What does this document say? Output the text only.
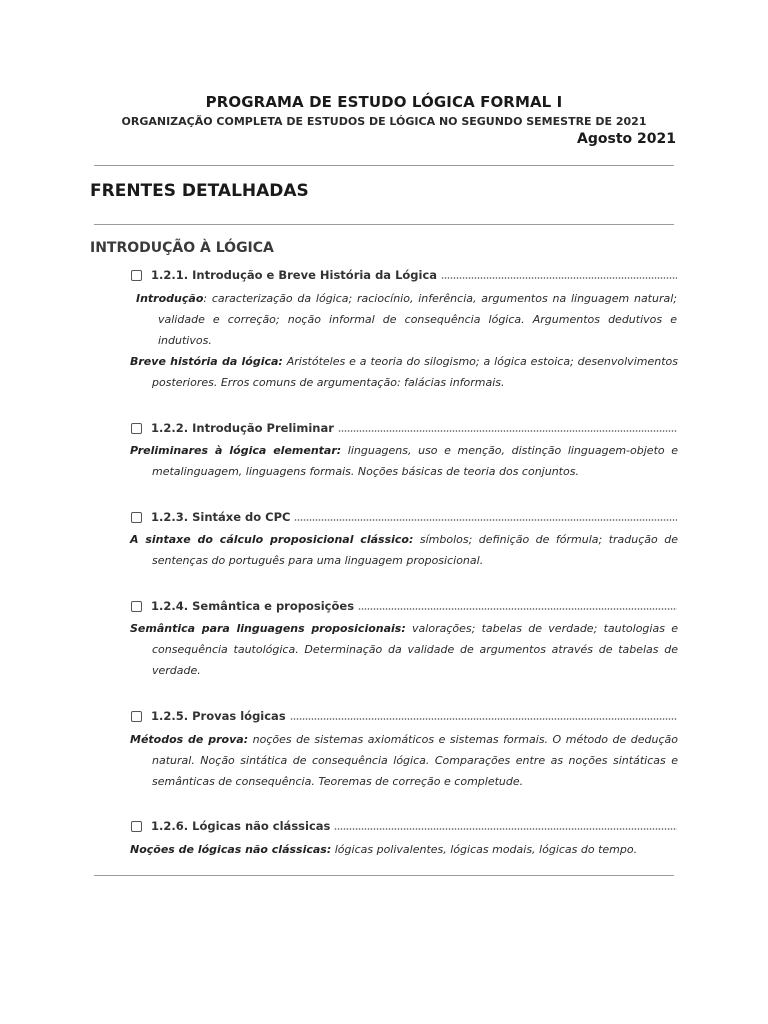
PROGRAMA DE ESTUDO LÓGICA FORMAL I
ORGANIZAÇÃO COMPLETA DE ESTUDOS DE LÓGICA NO SEGUNDO SEMESTRE DE 2021
Agosto 2021
FRENTES DETALHADAS
INTRODUÇÃO À LÓGICA
1.2.1. Introdução e Breve História da Lógica
Introdução: caracterização da lógica; raciocínio, inferência, argumentos na linguagem natural; validade e correção; noção informal de consequência lógica. Argumentos dedutivos e indutivos.
Breve história da lógica: Aristóteles e a teoria do silogismo; a lógica estoica; desenvolvimentos posteriores. Erros comuns de argumentação: falácias informais.
1.2.2. Introdução Preliminar
Preliminares à lógica elementar: linguagens, uso e menção, distinção linguagem-objeto e metalinguagem, linguagens formais. Noções básicas de teoria dos conjuntos.
1.2.3. Sintáxe do CPC
A sintaxe do cálculo proposicional clássico: símbolos; definição de fórmula; tradução de sentenças do português para uma linguagem proposicional.
1.2.4. Semântica e proposições
Semântica para linguagens proposicionais: valorações; tabelas de verdade; tautologias e consequência tautológica. Determinação da validade de argumentos através de tabelas de verdade.
1.2.5. Provas lógicas
Métodos de prova: noções de sistemas axiomáticos e sistemas formais. O método de dedução natural. Noção sintática de consequência lógica. Comparações entre as noções sintáticas e semânticas de consequência. Teoremas de correção e completude.
1.2.6. Lógicas não clássicas
Noções de lógicas não clássicas: lógicas polivalentes, lógicas modais, lógicas do tempo.
